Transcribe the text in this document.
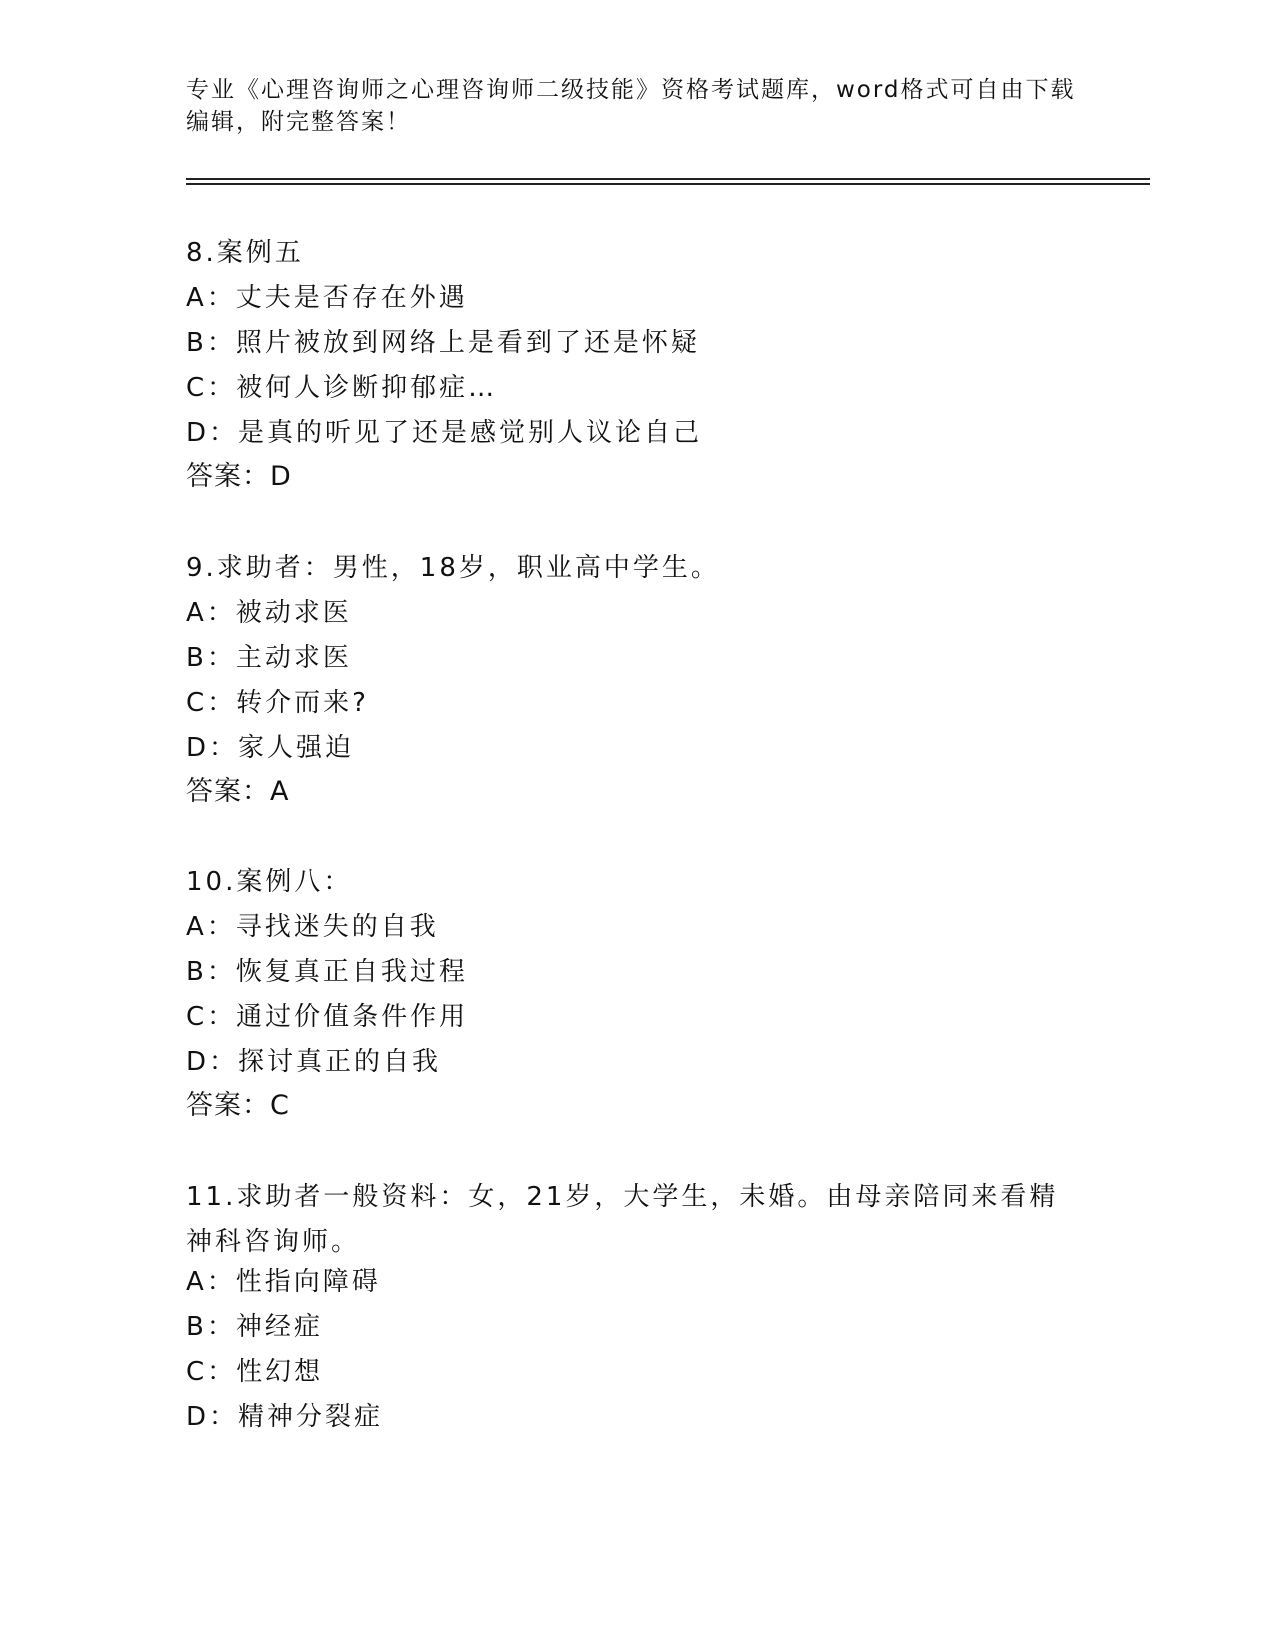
专业《心理咨询师之心理咨询师二级技能》资格考试题库，word格式可自由下载编辑，附完整答案！
8.案例五
A：丈夫是否存在外遇
B：照片被放到网络上是看到了还是怀疑
C：被何人诊断抑郁症…
D：是真的听见了还是感觉别人议论自己
答案：D
9.求助者：男性，18岁，职业高中学生。
A：被动求医
B：主动求医
C：转介而来?
D：家人强迫
答案：A
10.案例八：
A：寻找迷失的自我
B：恢复真正自我过程
C：通过价值条件作用
D：探讨真正的自我
答案：C
11.求助者一般资料：女，21岁，大学生，未婚。由母亲陪同来看精神科咨询师。
A：性指向障碍
B：神经症
C：性幻想
D：精神分裂症
